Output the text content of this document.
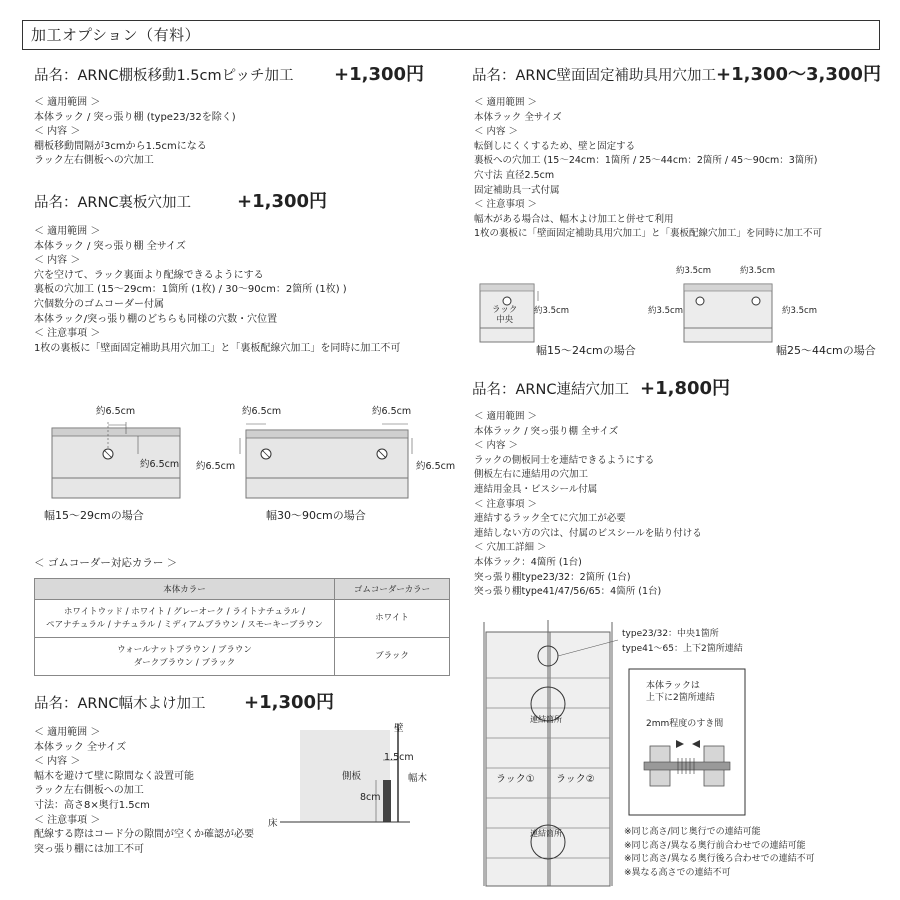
加工オプション（有料）
品名：ARNC棚板移動1.5cmピッチ加工 +1,300円
＜ 適用範囲 ＞
本体ラック / 突っ張り棚 (type23/32を除く)
＜ 内容 ＞
棚板移動間隔が3cmから1.5cmになる
ラック左右側板への穴加工
品名：ARNC裏板穴加工	+1,300円
＜ 適用範囲 ＞
本体ラック / 突っ張り棚 全サイズ
＜ 内容 ＞
穴を空けて、ラック裏面より配線できるようにする
裏板の穴加工 (15～29cm：1箇所 (1枚) / 30～90cm：2箇所 (1枚) )
穴個数分のゴムコーダー付属
本体ラック/突っ張り棚のどちらも同様の穴数・穴位置
＜ 注意事項 ＞
1枚の裏板に「壁面固定補助具用穴加工」と「裏板配線穴加工」を同時に加工不可
約6.5cm
約6.5cm
幅15～29cmの場合
約6.5cm	約6.5cm
約6.5cm	約6.5cm
幅30～90cmの場合
＜ ゴムコーダー対応カラー ＞
本体カラー	ゴムコーダーカラー
ホワイトウッド / ホワイト / グレーオーク / ライトナチュラル /
ペアナチュラル / ナチュラル / ミディアムブラウン / スモーキーブラウン	ホワイト
ウォールナットブラウン / ブラウン
ダークブラウン / ブラック	ブラック
品名：ARNC幅木よけ加工 +1,300円
＜ 適用範囲 ＞
本体ラック 全サイズ
＜ 内容 ＞
幅木を避けて壁に隙間なく設置可能
ラック左右側板への加工
寸法：高さ8×奥行1.5cm
＜ 注意事項 ＞
配線する際はコード分の隙間が空くか確認が必要
突っ張り棚には加工不可
壁
側板	幅木
床
1.5cm
8cm
品名：ARNC壁面固定補助具用穴加工 +1,300～3,300円
＜ 適用範囲 ＞
本体ラック 全サイズ
＜ 内容 ＞
転倒しにくくするため、壁と固定する
裏板への穴加工 (15～24cm：1箇所 / 25～44cm：2箇所 / 45～90cm：3箇所)
穴寸法 直径2.5cm
固定補助具一式付属
＜ 注意事項 ＞
幅木がある場合は、幅木よけ加工と併せて利用
1枚の裏板に「壁面固定補助具用穴加工」と「裏板配線穴加工」を同時に加工不可
ラック
中央
約3.5cm
幅15～24cmの場合
約3.5cm	約3.5cm
約3.5cm	約3.5cm
幅25～44cmの場合
品名：ARNC連結穴加工 +1,800円
＜ 適用範囲 ＞
本体ラック / 突っ張り棚 全サイズ
＜ 内容 ＞
ラックの側板同士を連結できるようにする
側板左右に連結用の穴加工
連結用金具・ビスシール付属
＜ 注意事項 ＞
連結するラック全てに穴加工が必要
連結しない方の穴は、付属のビスシールを貼り付ける
＜ 穴加工詳細 ＞
本体ラック：4箇所 (1台)
突っ張り棚type23/32：2箇所 (1台)
突っ張り棚type41/47/56/65：4箇所 (1台)
type23/32：中央1箇所
type41～65：上下2箇所連結
連結箇所
連結箇所
ラック① ラック②
本体ラックは
上下に2箇所連結
2mm程度のすき間
※同じ高さ/同じ奥行での連結可能
※同じ高さ/異なる奥行前合わせでの連結可能
※同じ高さ/異なる奥行後ろ合わせでの連結不可
※異なる高さでの連結不可
